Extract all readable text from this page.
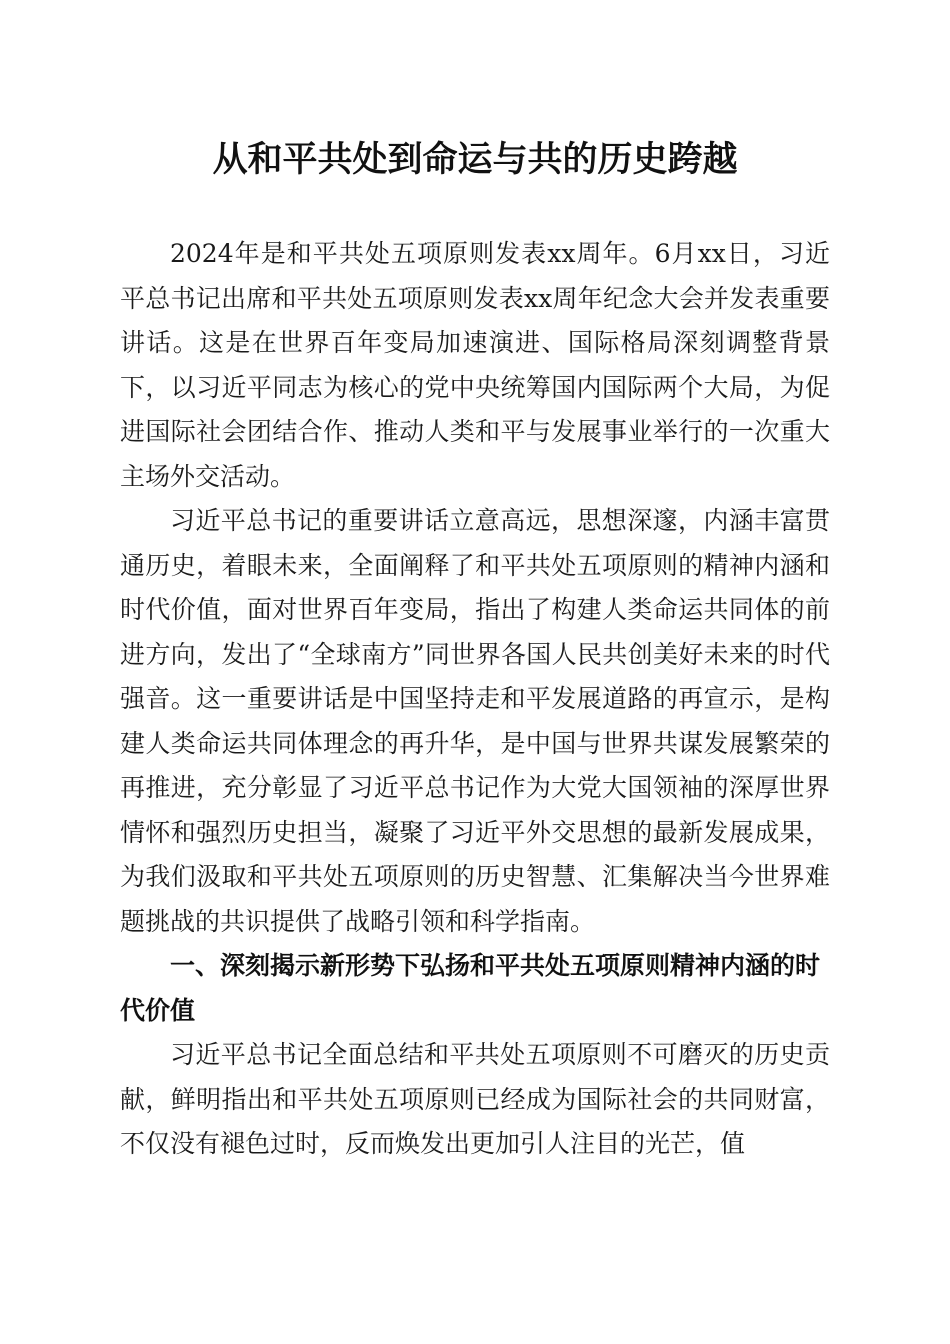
从和平共处到命运与共的历史跨越

2024年是和平共处五项原则发表xx周年。6月xx日，习近平总书记出席和平共处五项原则发表xx周年纪念大会并发表重要讲话。这是在世界百年变局加速演进、国际格局深刻调整背景下，以习近平同志为核心的党中央统筹国内国际两个大局，为促进国际社会团结合作、推动人类和平与发展事业举行的一次重大主场外交活动。

习近平总书记的重要讲话立意高远，思想深邃，内涵丰富贯通历史，着眼未来，全面阐释了和平共处五项原则的精神内涵和时代价值，面对世界百年变局，指出了构建人类命运共同体的前进方向，发出了“全球南方”同世界各国人民共创美好未来的时代强音。这一重要讲话是中国坚持走和平发展道路的再宣示，是构建人类命运共同体理念的再升华，是中国与世界共谋发展繁荣的再推进，充分彰显了习近平总书记作为大党大国领袖的深厚世界情怀和强烈历史担当，凝聚了习近平外交思想的最新发展成果，为我们汲取和平共处五项原则的历史智慧、汇集解决当今世界难题挑战的共识提供了战略引领和科学指南。

一、深刻揭示新形势下弘扬和平共处五项原则精神内涵的时代价值

习近平总书记全面总结和平共处五项原则不可磨灭的历史贡献，鲜明指出和平共处五项原则已经成为国际社会的共同财富，不仅没有褪色过时，反而焕发出更加引人注目的光芒，值
